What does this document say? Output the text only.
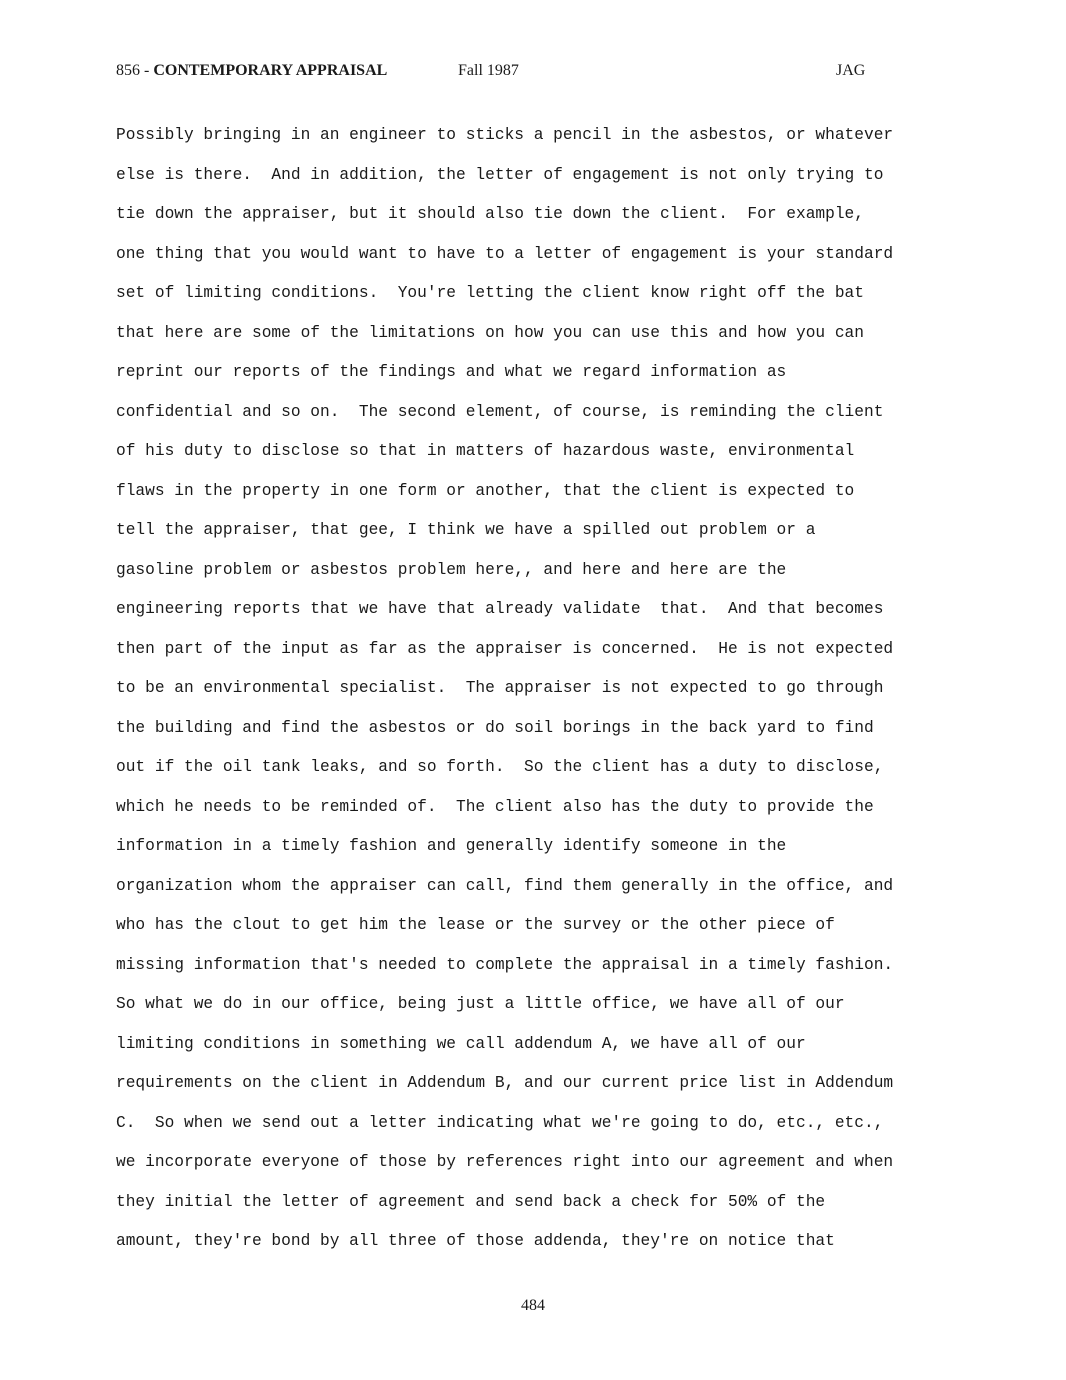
856 - CONTEMPORARY APPRAISAL	Fall 1987	JAG
Possibly bringing in an engineer to sticks a pencil in the asbestos, or whatever
else is there.  And in addition, the letter of engagement is not only trying to
tie down the appraiser, but it should also tie down the client.  For example,
one thing that you would want to have to a letter of engagement is your standard
set of limiting conditions.  You're letting the client know right off the bat
that here are some of the limitations on how you can use this and how you can
reprint our reports of the findings and what we regard information as
confidential and so on.  The second element, of course, is reminding the client
of his duty to disclose so that in matters of hazardous waste, environmental
flaws in the property in one form or another, that the client is expected to
tell the appraiser, that gee, I think we have a spilled out problem or a
gasoline problem or asbestos problem here,, and here and here are the
engineering reports that we have that already validate  that.  And that becomes
then part of the input as far as the appraiser is concerned.  He is not expected
to be an environmental specialist.  The appraiser is not expected to go through
the building and find the asbestos or do soil borings in the back yard to find
out if the oil tank leaks, and so forth.  So the client has a duty to disclose,
which he needs to be reminded of.  The client also has the duty to provide the
information in a timely fashion and generally identify someone in the
organization whom the appraiser can call, find them generally in the office, and
who has the clout to get him the lease or the survey or the other piece of
missing information that's needed to complete the appraisal in a timely fashion.
So what we do in our office, being just a little office, we have all of our
limiting conditions in something we call addendum A, we have all of our
requirements on the client in Addendum B, and our current price list in Addendum
C.  So when we send out a letter indicating what we're going to do, etc., etc.,
we incorporate everyone of those by references right into our agreement and when
they initial the letter of agreement and send back a check for 50% of the
amount, they're bond by all three of those addenda, they're on notice that
484
